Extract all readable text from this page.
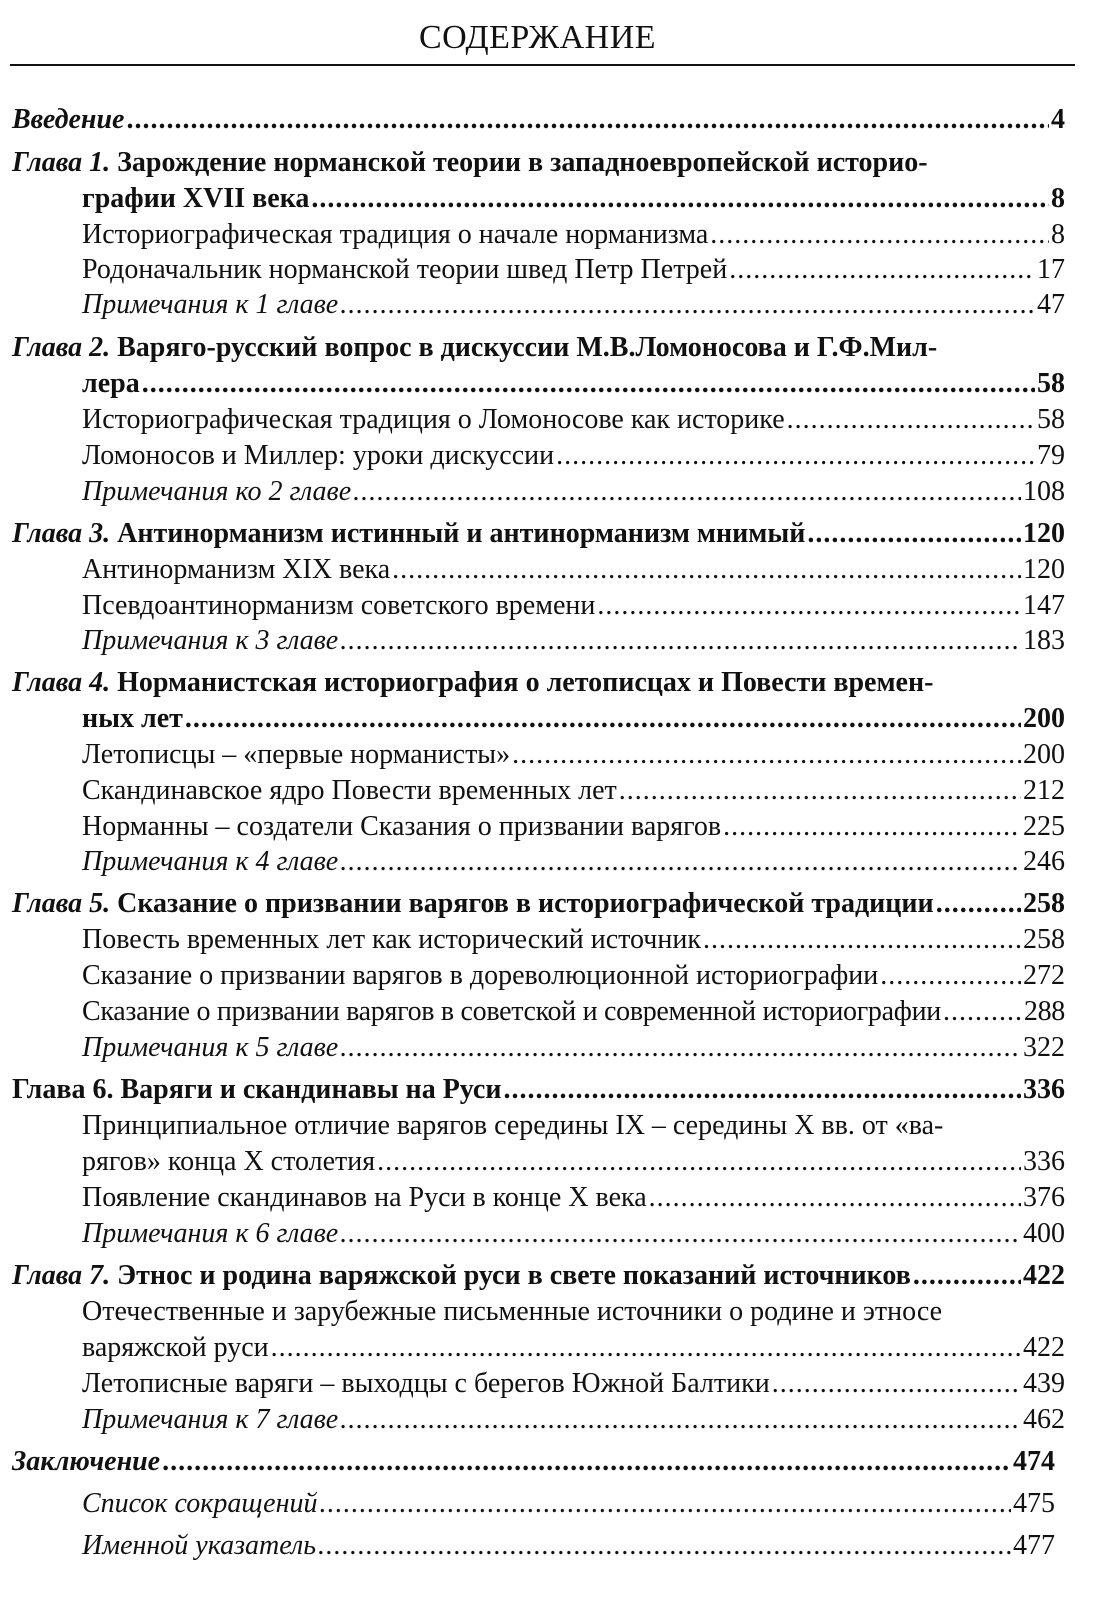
СОДЕРЖАНИЕ
Введение .....	4
Глава 1. Зарождение норманской теории в западноевропейской историо-
графии XVII века .....	8
Историографическая традиция о начале норманизма .....	8
Родоначальник норманской теории швед Петр Петрей .....	17
Примечания к 1 главе .....	47
Глава 2. Варяго-русский вопрос в дискуссии М.В.Ломоносова и Г.Ф.Мил-
лера .....	58
Историографическая традиция о Ломоносове как историке .....	58
Ломоносов и Миллер: уроки дискуссии .....	79
Примечания ко 2 главе .....	108
Глава 3. Антинорманизм истинный и антинорманизм мнимый .....	120
Антинорманизм XIX века .....	120
Псевдоантинорманизм советского времени .....	147
Примечания к 3 главе .....	183
Глава 4. Норманистская историография о летописцах и Повести времен-
ных лет .....	200
Летописцы – «первые норманисты» .....	200
Скандинавское ядро Повести временных лет .....	212
Норманны – создатели Сказания о призвании варягов .....	225
Примечания к 4 главе .....	246
Глава 5. Сказание о призвании варягов в историографической традиции .....	258
Повесть временных лет как исторический источник .....	258
Сказание о призвании варягов в дореволюционной историографии .....	272
Сказание о призвании варягов в советской и современной историографии .....	288
Примечания к 5 главе .....	322
Глава 6. Варяги и скандинавы на Руси .....	336
Принципиальное отличие варягов середины IX – середины X вв. от «ва-
рягов» конца X столетия .....	336
Появление скандинавов на Руси в конце X века .....	376
Примечания к 6 главе .....	400
Глава 7. Этнос и родина варяжской руси в свете показаний источников .....	422
Отечественные и зарубежные письменные источники о родине и этносе
варяжской руси .....	422
Летописные варяги – выходцы с берегов Южной Балтики .....	439
Примечания к 7 главе .....	462
Заключение .....	474
Список сокращений .....	475
Именной указатель .....	477
